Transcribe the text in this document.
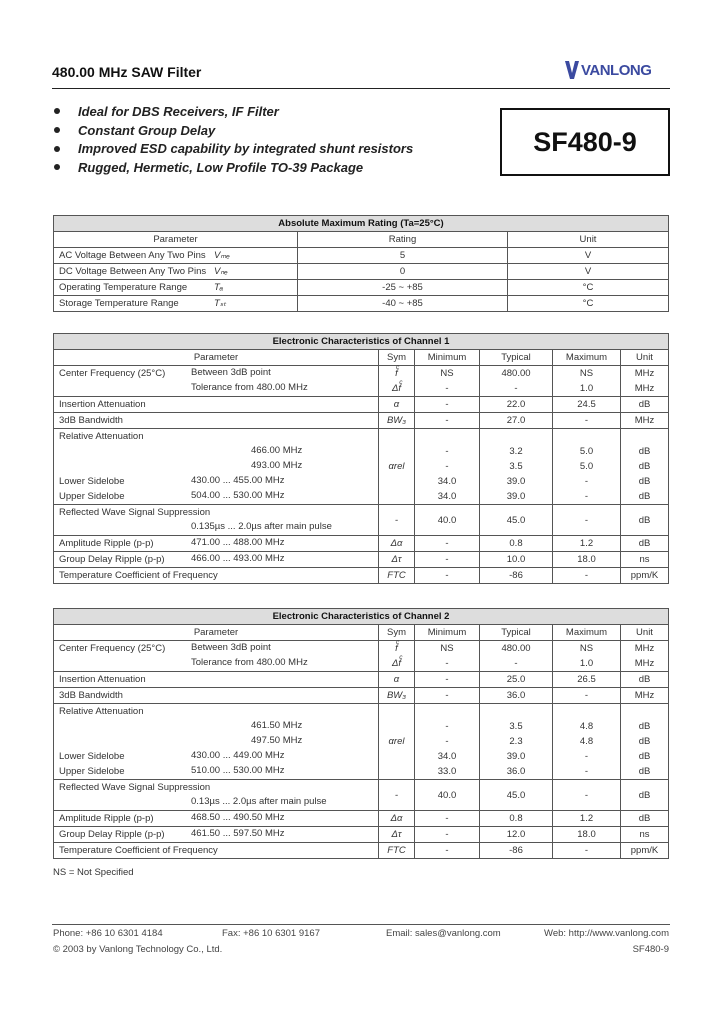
480.00 MHz SAW Filter	VANLONG
Ideal for DBS Receivers, IF Filter
Constant Group Delay
Improved ESD capability by integrated shunt resistors
Rugged, Hermetic, Low Profile TO-39 Package
SF480-9
Absolute Maximum Rating (Ta=25°C)		
Parameter	Rating	Unit
AC Voltage Between Any Two Pins Vₘₑ	5	V
DC Voltage Between Any Two Pins Vₙₑ	0	V
Operating Temperature Range Tₐ	-25 ~ +85	°C
Storage Temperature Range Tₛₜ	-40 ~ +85	°C
Electronic Characteristics of Channel 1					
Parameter	Sym	Minimum	Typical	Maximum	Unit
Center Frequency (25°C) Between 3dB point	fͨ	NS	480.00	NS	MHz

Tolerance from 480.00 MHz	Δfͨ	-	-	1.0	MHz
Insertion Attenuation	α	-	22.0	24.5	dB
3dB Bandwidth	BW₃	-	27.0	-	MHz
Relative Attenuation	αrel				

466.00 MHz		-	3.2	5.0	dB

493.00 MHz		-	3.5	5.0	dB
Lower Sidelobe 430.00 ... 455.00 MHz		34.0	39.0	-	dB
Upper Sidelobe 504.00 ... 530.00 MHz		34.0	39.0	-	dB
Reflected Wave Signal Suppression	-	40.0	45.0	-	dB

0.135µs ... 2.0µs after main pulse					

Amplitude Ripple (p-p) 471.00 ... 488.00 MHz	Δα	-	0.8	1.2	dB
Group Delay Ripple (p-p) 466.00 ... 493.00 MHz	Δτ	-	10.0	18.0	ns
Temperature Coefficient of Frequency	FTC	-	-86	-	ppm/K
Electronic Characteristics of Channel 2					
Parameter	Sym	Minimum	Typical	Maximum	Unit
Center Frequency (25°C) Between 3dB point	fͨ	NS	480.00	NS	MHz

Tolerance from 480.00 MHz	Δfͨ	-	-	1.0	MHz
Insertion Attenuation	α	-	25.0	26.5	dB
3dB Bandwidth	BW₃	-	36.0	-	MHz
Relative Attenuation	αrel				

461.50 MHz		-	3.5	4.8	dB

497.50 MHz		-	2.3	4.8	dB
Lower Sidelobe 430.00 ... 449.00 MHz		34.0	39.0	-	dB
Upper Sidelobe 510.00 ... 530.00 MHz		33.0	36.0	-	dB
Reflected Wave Signal Suppression	-	40.0	45.0	-	dB

0.13µs ... 2.0µs after main pulse					

Amplitude Ripple (p-p) 468.50 ... 490.50 MHz	Δα	-	0.8	1.2	dB
Group Delay Ripple (p-p) 461.50 ... 597.50 MHz	Δτ	-	12.0	18.0	ns
Temperature Coefficient of Frequency	FTC	-	-86	-	ppm/K
NS = Not Specified
Phone: +86 10 6301 4184	Fax: +86 10 6301 9167	Email: sales@vanlong.com	Web: http://www.vanlong.com
© 2003 by Vanlong Technology Co., Ltd.	SF480-9
